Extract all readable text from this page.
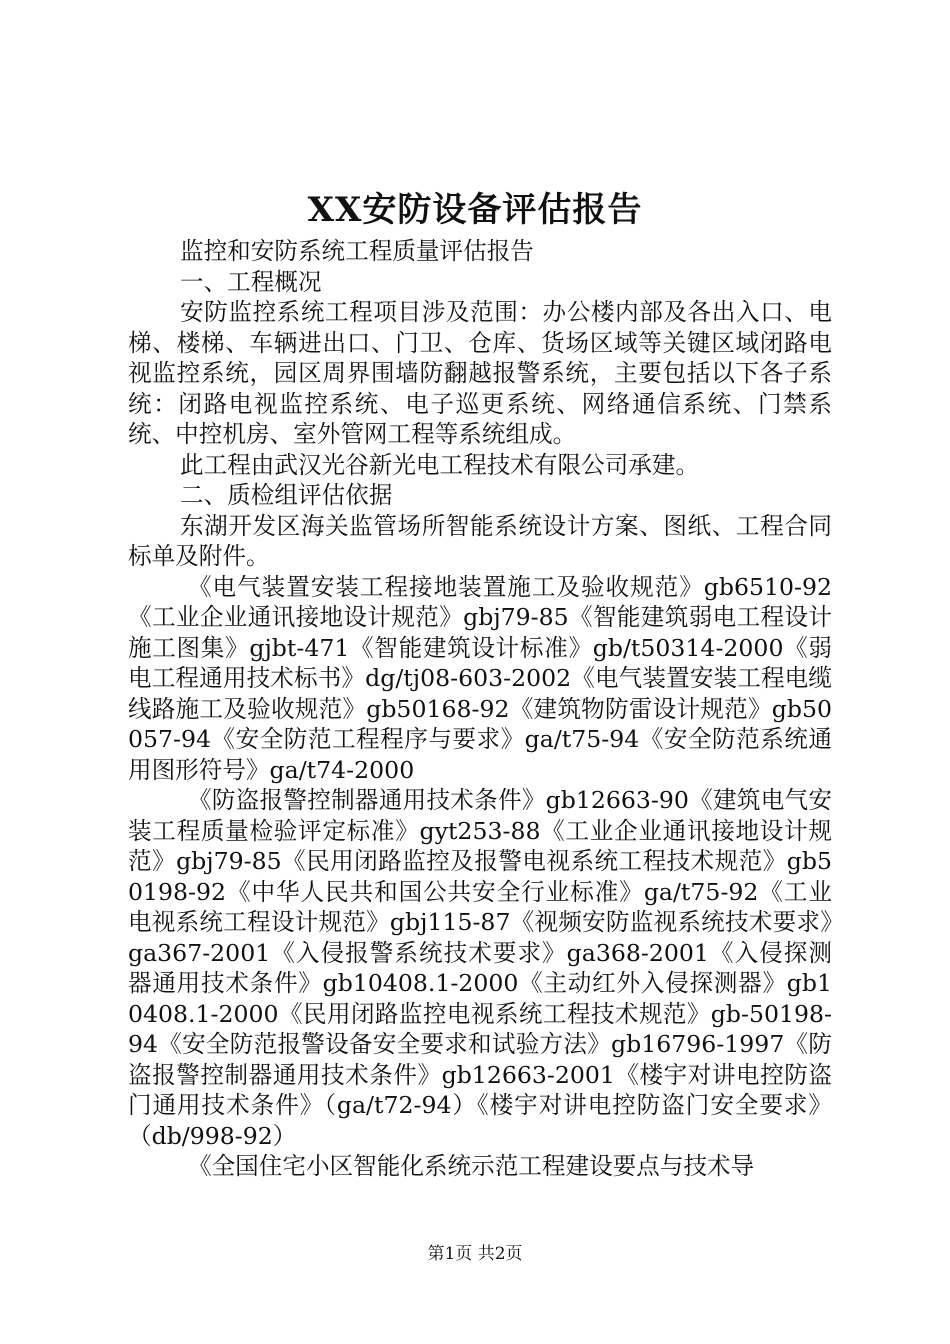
XX安防设备评估报告

监控和安防系统工程质量评估报告

一、工程概况

安防监控系统工程项目涉及范围：办公楼内部及各出入口、电梯、楼梯、车辆进出口、门卫、仓库、货场区域等关键区域闭路电视监控系统，园区周界围墙防翻越报警系统，主要包括以下各子系统：闭路电视监控系统、电子巡更系统、网络通信系统、门禁系统、中控机房、室外管网工程等系统组成。

此工程由武汉光谷新光电工程技术有限公司承建。

二、质检组评估依据

东湖开发区海关监管场所智能系统设计方案、图纸、工程合同标单及附件。

《电气装置安装工程接地装置施工及验收规范》gb6510-92《工业企业通讯接地设计规范》gbj79-85《智能建筑弱电工程设计施工图集》gjbt-471《智能建筑设计标准》gb/t50314-2000《弱电工程通用技术标书》dg/tj08-603-2002《电气装置安装工程电缆线路施工及验收规范》gb50168-92《建筑物防雷设计规范》gb50057-94《安全防范工程程序与要求》ga/t75-94《安全防范系统通用图形符号》ga/t74-2000

《防盗报警控制器通用技术条件》gb12663-90《建筑电气安装工程质量检验评定标准》gyt253-88《工业企业通讯接地设计规范》gbj79-85《民用闭路监控及报警电视系统工程技术规范》gb50198-92《中华人民共和国公共安全行业标准》ga/t75-92《工业电视系统工程设计规范》gbj115-87《视频安防监视系统技术要求》ga367-2001《入侵报警系统技术要求》ga368-2001《入侵探测器通用技术条件》gb10408.1-2000《主动红外入侵探测器》gb10408.1-2000《民用闭路监控电视系统工程技术规范》gb-50198-94《安全防范报警设备安全要求和试验方法》gb16796-1997《防盗报警控制器通用技术条件》gb12663-2001《楼宇对讲电控防盗门通用技术条件》（ga/t72-94）《楼宇对讲电控防盗门安全要求》（db/998-92）

《全国住宅小区智能化系统示范工程建设要点与技术导

第1页 共2页
